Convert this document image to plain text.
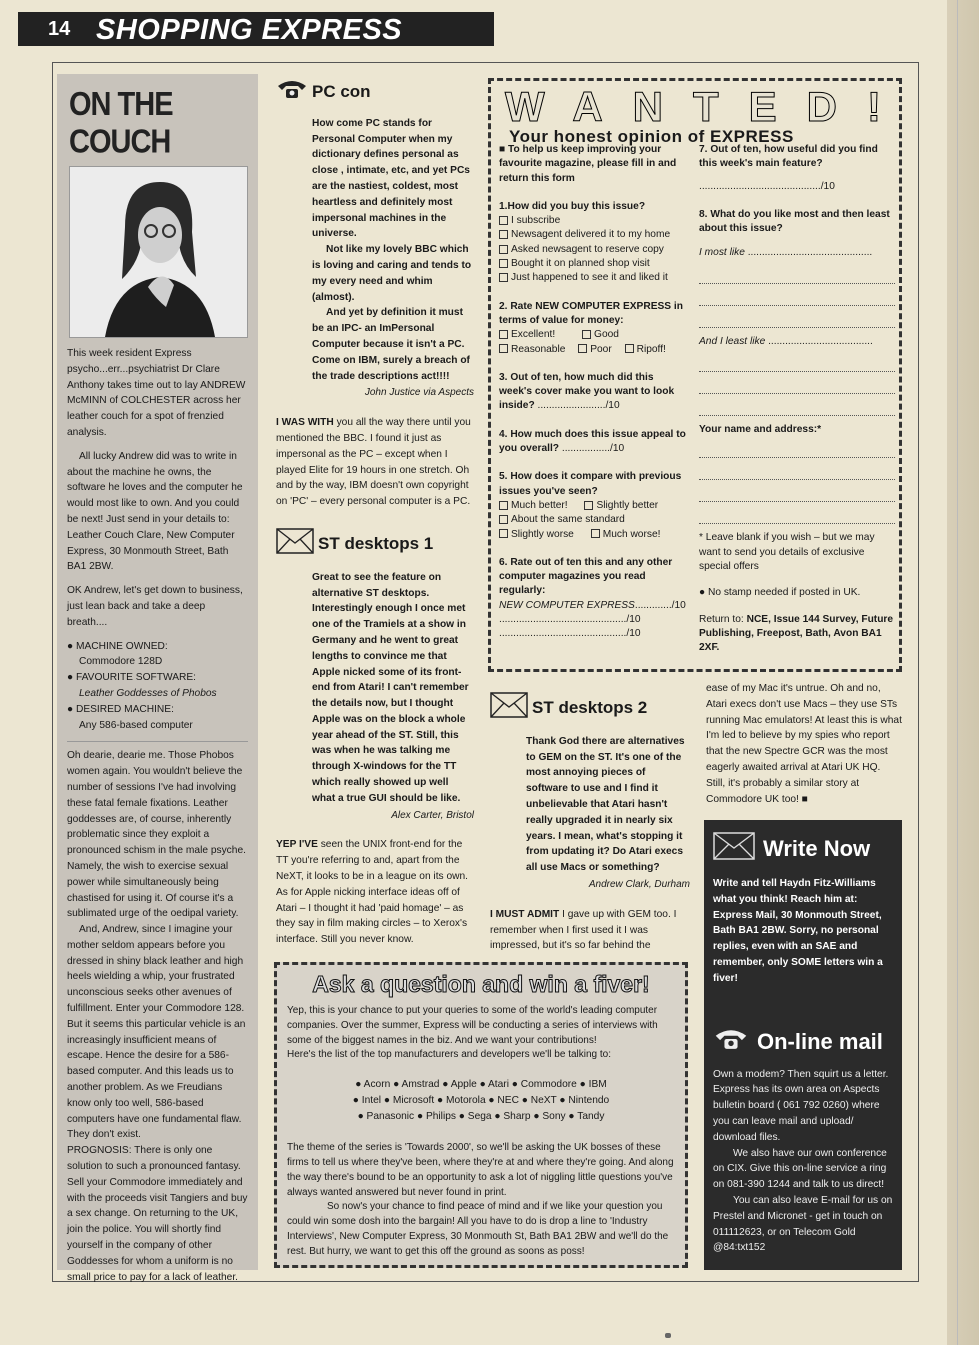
14 SHOPPING EXPRESS
ON THE COUCH

This week resident Express psycho...err...psychiatrist Dr Clare Anthony takes time out to lay ANDREW McMINN of COLCHESTER across her leather couch for a spot of frenzied analysis.

All lucky Andrew did was to write in about the machine he owns, the software he loves and the computer he would most like to own. And you could be next! Just send in your details to: Leather Couch Clare, New Computer Express, 30 Monmouth Street, Bath BA1 2BW.

OK Andrew, let's get down to business, just lean back and take a deep breath....

● MACHINE OWNED:
Commodore 128D
● FAVOURITE SOFTWARE:
Leather Goddesses of Phobos
● DESIRED MACHINE:
Any 586-based computer

Oh dearie, dearie me. Those Phobos women again. You wouldn't believe the number of sessions I've had involving these fatal female fixations. Leather goddesses are, of course, inherently problematic since they exploit a pronounced schism in the male psyche. Namely, the wish to exercise sexual power while simultaneously being chastised for using it. Of course it's a sublimated urge of the oedipal variety.

And, Andrew, since I imagine your mother seldom appears before you dressed in shiny black leather and high heels wielding a whip, your frustrated unconscious seeks other avenues of fulfillment. Enter your Commodore 128. But it seems this particular vehicle is an increasingly insufficient means of escape. Hence the desire for a 586-based computer. And this leads us to another problem. As we Freudians know only too well, 586-based computers have one fundamental flaw. They don't exist.

PROGNOSIS: There is only one solution to such a pronounced fantasy. Sell your Commodore immediately and with the proceeds visit Tangiers and buy a sex change. On returning to the UK, join the police. You will shortly find yourself in the company of other Goddesses for whom a uniform is no small price to pay for a lack of leather.

PC con
How come PC stands for Personal Computer when my dictionary defines personal as close , intimate, etc, and yet PCs are the nastiest, coldest, most heartless and definitely most impersonal machines in the universe.
Not like my lovely BBC which is loving and caring and tends to my every need and whim (almost).
And yet by definition it must be an IPC- an ImPersonal Computer because it isn't a PC. Come on IBM, surely a breach of the trade descriptions act!!!!
John Justice via Aspects
I WAS WITH you all the way there until you mentioned the BBC. I found it just as impersonal as the PC – except when I played Elite for 19 hours in one stretch. Oh and by the way, IBM doesn't own copyright on 'PC' – every personal computer is a PC.
ST desktops 1
Great to see the feature on alternative ST desktops. Interestingly enough I once met one of the Tramiels at a show in Germany and he went to great lengths to convince me that Apple nicked some of its front-end from Atari! I can't remember the details now, but I thought Apple was on the block a whole year ahead of the ST. Still, this was when he was talking me through X-windows for the TT which really showed up well what a true GUI should be like.
Alex Carter, Bristol
YEP I'VE seen the UNIX front-end for the TT you're referring to and, apart from the NeXT, it looks to be in a league on its own. As for Apple nicking interface ideas off of Atari – I thought it had 'paid homage' – as they say in film making circles – to Xerox's interface. Still you never know.
WANTED!
Your honest opinion of EXPRESS
■ To help us keep improving your favourite magazine, please fill in and return this form
1.How did you buy this issue?
I subscribe
Newsagent delivered it to my home
Asked newsagent to reserve copy
Bought it on planned shop visit
Just happened to see it and liked it
2. Rate NEW COMPUTER EXPRESS in terms of value for money:
Excellent!	Good
Reasonable Poor Ripoff!
3. Out of ten, how much did this week's cover make you want to look inside? ......................../10
4. How much does this issue appeal to you overall? ................./10
5. How does it compare with previous issues you've seen?
Much better!	Slightly better
About the same standard
Slightly worse	Much worse!
6. Rate out of ten this and any other computer magazines you read regularly:
NEW COMPUTER EXPRESS............./10
............................................./10
............................................./10
7. Out of ten, how useful did you find this week's main feature?
.........................................../10
8. What do you like most and then least about this issue?
I most like ............................................
And I least like .....................................
Your name and address:*
* Leave blank if you wish – but we may want to send you details of exclusive special offers
● No stamp needed if posted in UK.
Return to: NCE, Issue 144 Survey, Future Publishing, Freepost, Bath, Avon BA1 2XF.
ST desktops 2
Thank God there are alternatives to GEM on the ST. It's one of the most annoying pieces of software to use and I find it unbelievable that Atari hasn't really upgraded it in nearly six years. I mean, what's stopping it from updating it? Do Atari execs all use Macs or something?
Andrew Clark, Durham
I MUST ADMIT I gave up with GEM too. I remember when I first used it I was impressed, but it's so far behind the
ease of my Mac it's untrue. Oh and no, Atari execs don't use Macs – they use STs running Mac emulators! At least this is what I'm led to believe by my spies who report that the new Spectre GCR was the most eagerly awaited arrival at Atari UK HQ. Still, it's probably a similar story at Commodore UK too! ■
Ask a question and win a fiver!

Yep, this is your chance to put your queries to some of the world's leading computer companies. Over the summer, Express will be conducting a series of interviews with some of the biggest names in the biz. And we want your contributions!

Here's the list of the top manufacturers and developers we'll be talking to:

● Acorn ● Amstrad ● Apple ● Atari ● Commodore ● IBM
● Intel ● Microsoft ● Motorola ● NEC ● NeXT ● Nintendo
● Panasonic ● Philips ● Sega ● Sharp ● Sony ● Tandy

The theme of the series is 'Towards 2000', so we'll be asking the UK bosses of these firms to tell us where they've been, where they're at and where they're going. And along the way there's bound to be an opportunity to ask a lot of niggling little questions you've always wanted answered but never found in print.

So now's your chance to find peace of mind and if we like your question you could win some dosh into the bargain! All you have to do is drop a line to 'Industry Interviews', New Computer Express, 30 Monmouth St, Bath BA1 2BW and we'll do the rest. But hurry, we want to get this off the ground as soons as poss!

Write Now
Write and tell Haydn Fitz-Williams what you think! Reach him at: Express Mail, 30 Monmouth Street, Bath BA1 2BW. Sorry, no personal replies, even with an SAE and remember, only SOME letters win a fiver!
On-line mail
Own a modem? Then squirt us a letter. Express has its own area on Aspects bulletin board ( 061 792 0260) where you can leave mail and upload/ download files.
We also have our own conference on CIX. Give this on-line service a ring on 081-390 1244 and talk to us direct!
You can also leave E-mail for us on Prestel and Micronet - get in touch on 011112623, or on Telecom Gold @84:txt152
